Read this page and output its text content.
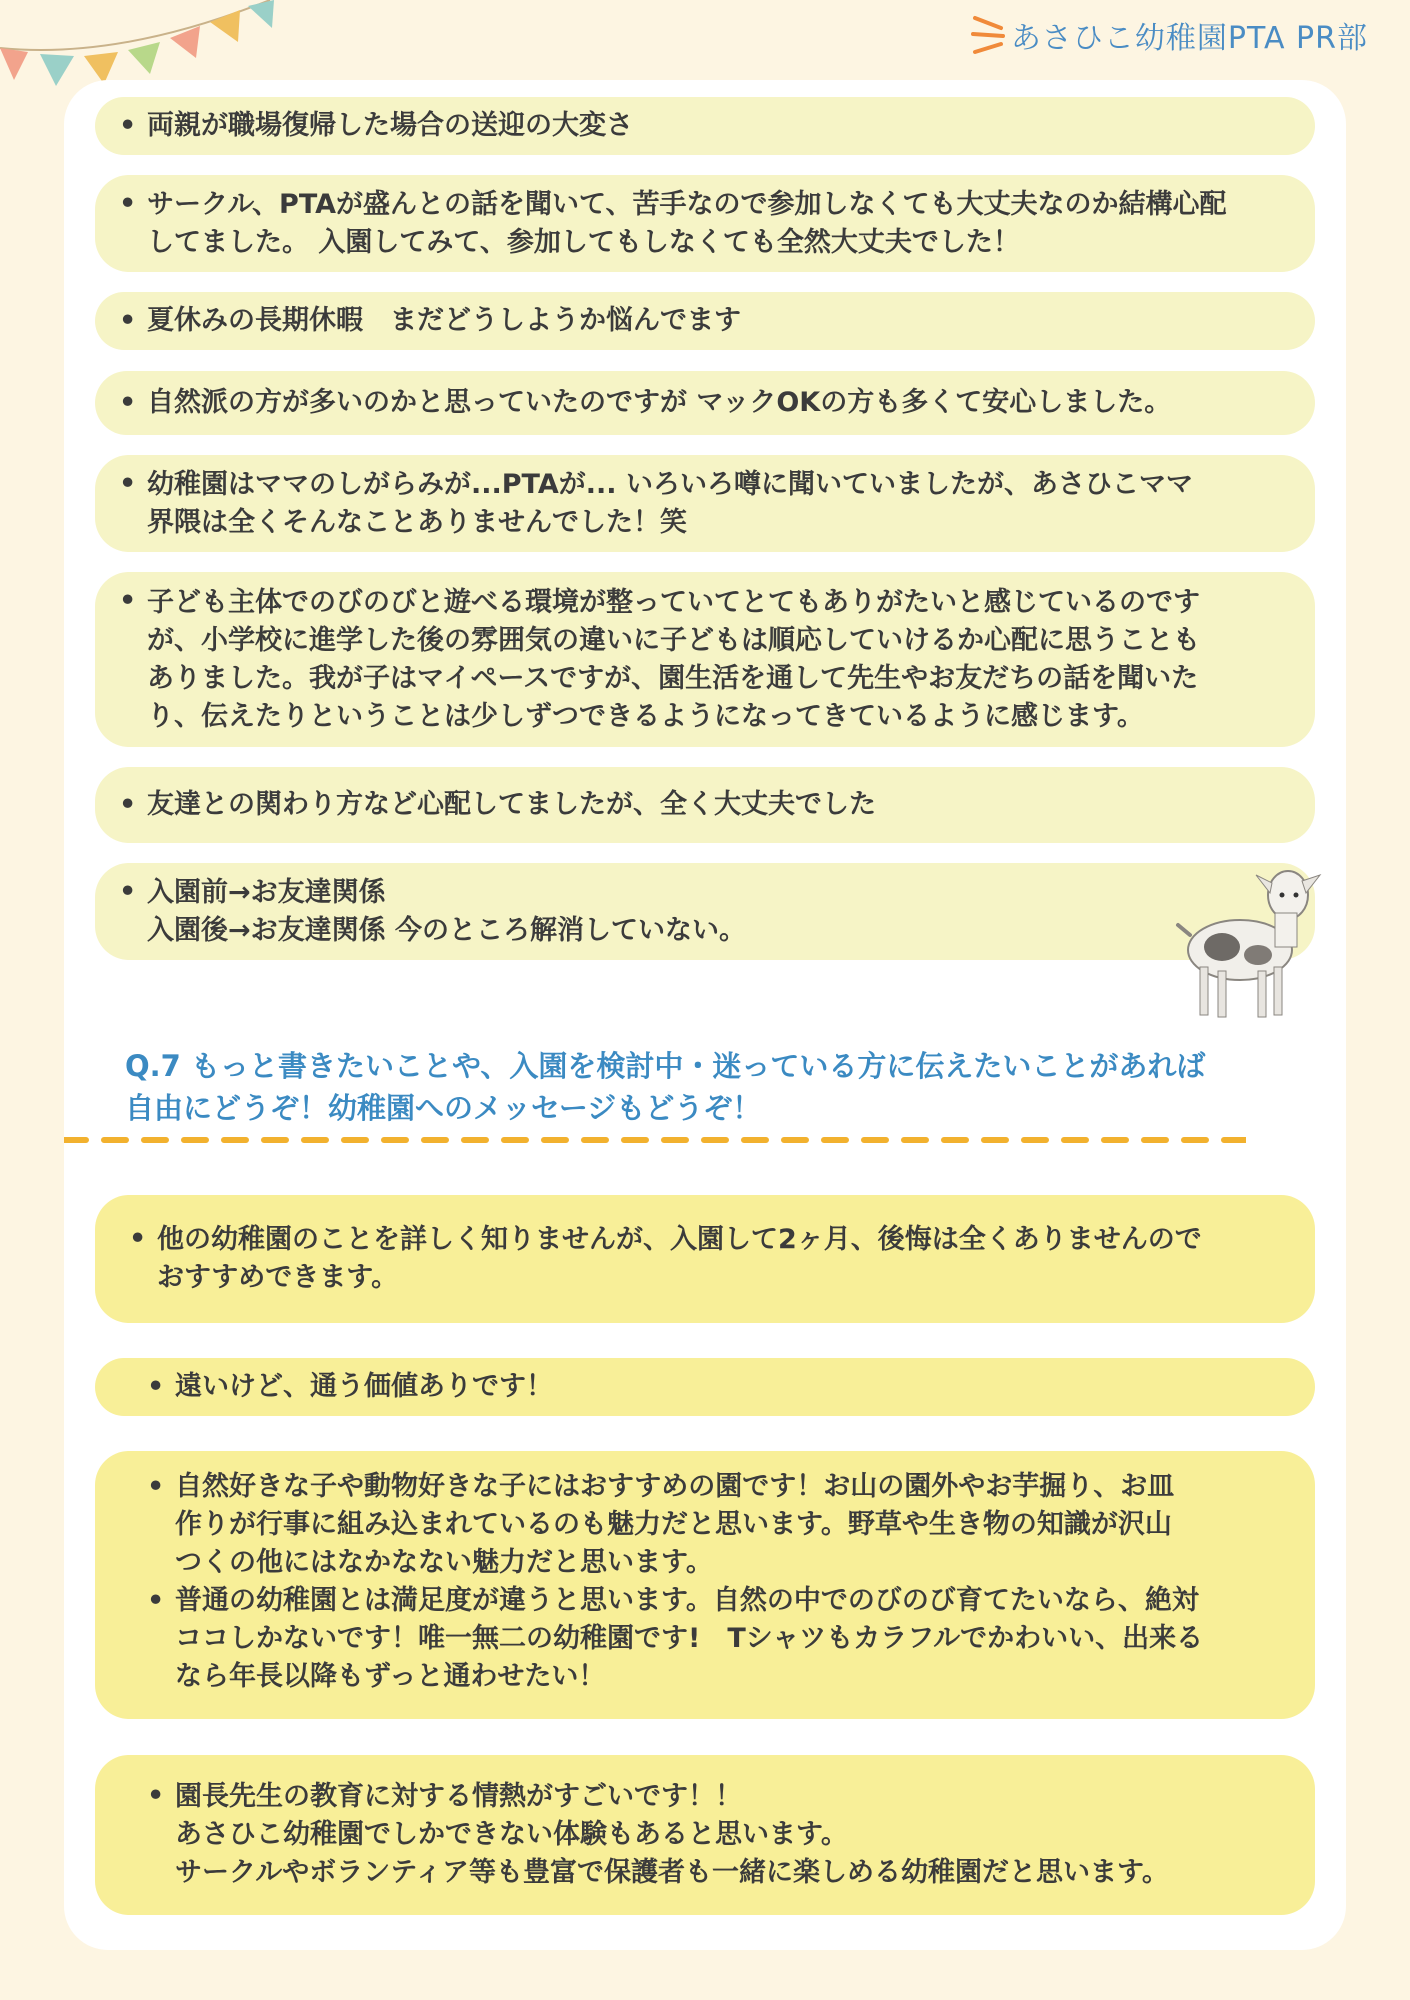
あさひこ幼稚園PTA PR部
• 両親が職場復帰した場合の送迎の大変さ
• サークル、PTAが盛んとの話を聞いて、苦手なので参加しなくても大丈夫なのか結構心配
してました。 入園してみて、参加してもしなくても全然大丈夫でした！
• 夏休みの長期休暇　まだどうしようか悩んでます
• 自然派の方が多いのかと思っていたのですが マックOKの方も多くて安心しました。
• 幼稚園はママのしがらみが...PTAが... いろいろ噂に聞いていましたが、あさひこママ
界隈は全くそんなことありませんでした！笑
• 子ども主体でのびのびと遊べる環境が整っていてとてもありがたいと感じているのです
が、小学校に進学した後の雰囲気の違いに子どもは順応していけるか心配に思うことも
ありました。我が子はマイペースですが、園生活を通して先生やお友だちの話を聞いた
り、伝えたりということは少しずつできるようになってきているように感じます。
• 友達との関わり方など心配してましたが、全く大丈夫でした
• 入園前→お友達関係
入園後→お友達関係 今のところ解消していない。
Q.7 もっと書きたいことや、入園を検討中・迷っている方に伝えたいことがあれば
自由にどうぞ！幼稚園へのメッセージもどうぞ！
• 他の幼稚園のことを詳しく知りませんが、入園して2ヶ月、後悔は全くありませんので
おすすめできます。
• 遠いけど、通う価値ありです！
• 自然好きな子や動物好きな子にはおすすめの園です！お山の園外やお芋掘り、お皿
作りが行事に組み込まれているのも魅力だと思います。野草や生き物の知識が沢山
つくの他にはなかなない魅力だと思います。
• 普通の幼稚園とは満足度が違うと思います。自然の中でのびのび育てたいなら、絶対
ココしかないです！唯一無二の幼稚園です!　Tシャツもカラフルでかわいい、出来る
なら年長以降もずっと通わせたい！
• 園長先生の教育に対する情熱がすごいです！！
あさひこ幼稚園でしかできない体験もあると思います。
サークルやボランティア等も豊富で保護者も一緒に楽しめる幼稚園だと思います。
